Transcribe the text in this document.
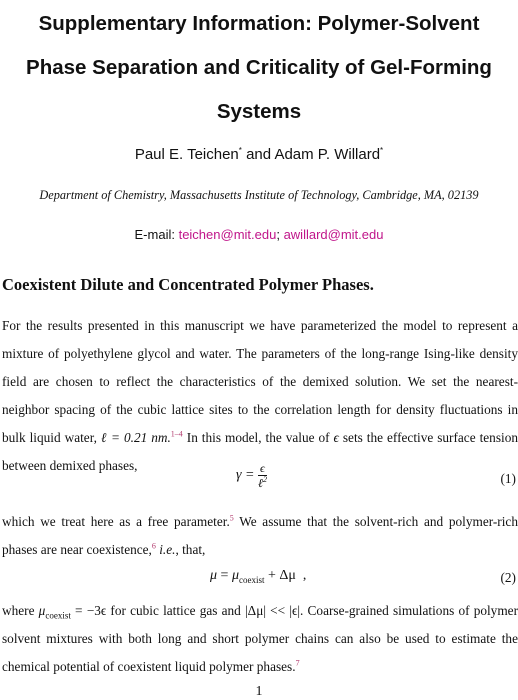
Supplementary Information: Polymer-Solvent
Phase Separation and Criticality of Gel-Forming
Systems
Paul E. Teichen* and Adam P. Willard*
Department of Chemistry, Massachusetts Institute of Technology, Cambridge, MA, 02139
E-mail: teichen@mit.edu; awillard@mit.edu
Coexistent Dilute and Concentrated Polymer Phases.

For the results presented in this manuscript we have parameterized the model to represent a mixture of polyethylene glycol and water. The parameters of the long-range Ising-like density field are chosen to reflect the characteristics of the demixed solution. We set the nearest-neighbor spacing of the cubic lattice sites to the correlation length for density fluctuations in bulk liquid water, ℓ = 0.21 nm.$^{1-4}$ In this model, the value of ϵ sets the effective surface tension between demixed phases,

$\gamma = \frac{\epsilon}{\ell^2}$	(1)

which we treat here as a free parameter.$^5$ We assume that the solvent-rich and polymer-rich phases are near coexistence,$^6$ i.e., that,

$\mu = \mu_{coexist} + \Delta\mu$  ,	(2)

where $\mu_{coexist} = -3\epsilon$ for cubic lattice gas and |Δμ| << |ϵ|. Coarse-grained simulations of polymer solvent mixtures with both long and short polymer chains can also be used to estimate the chemical potential of coexistent liquid polymer phases.$^7$

1
